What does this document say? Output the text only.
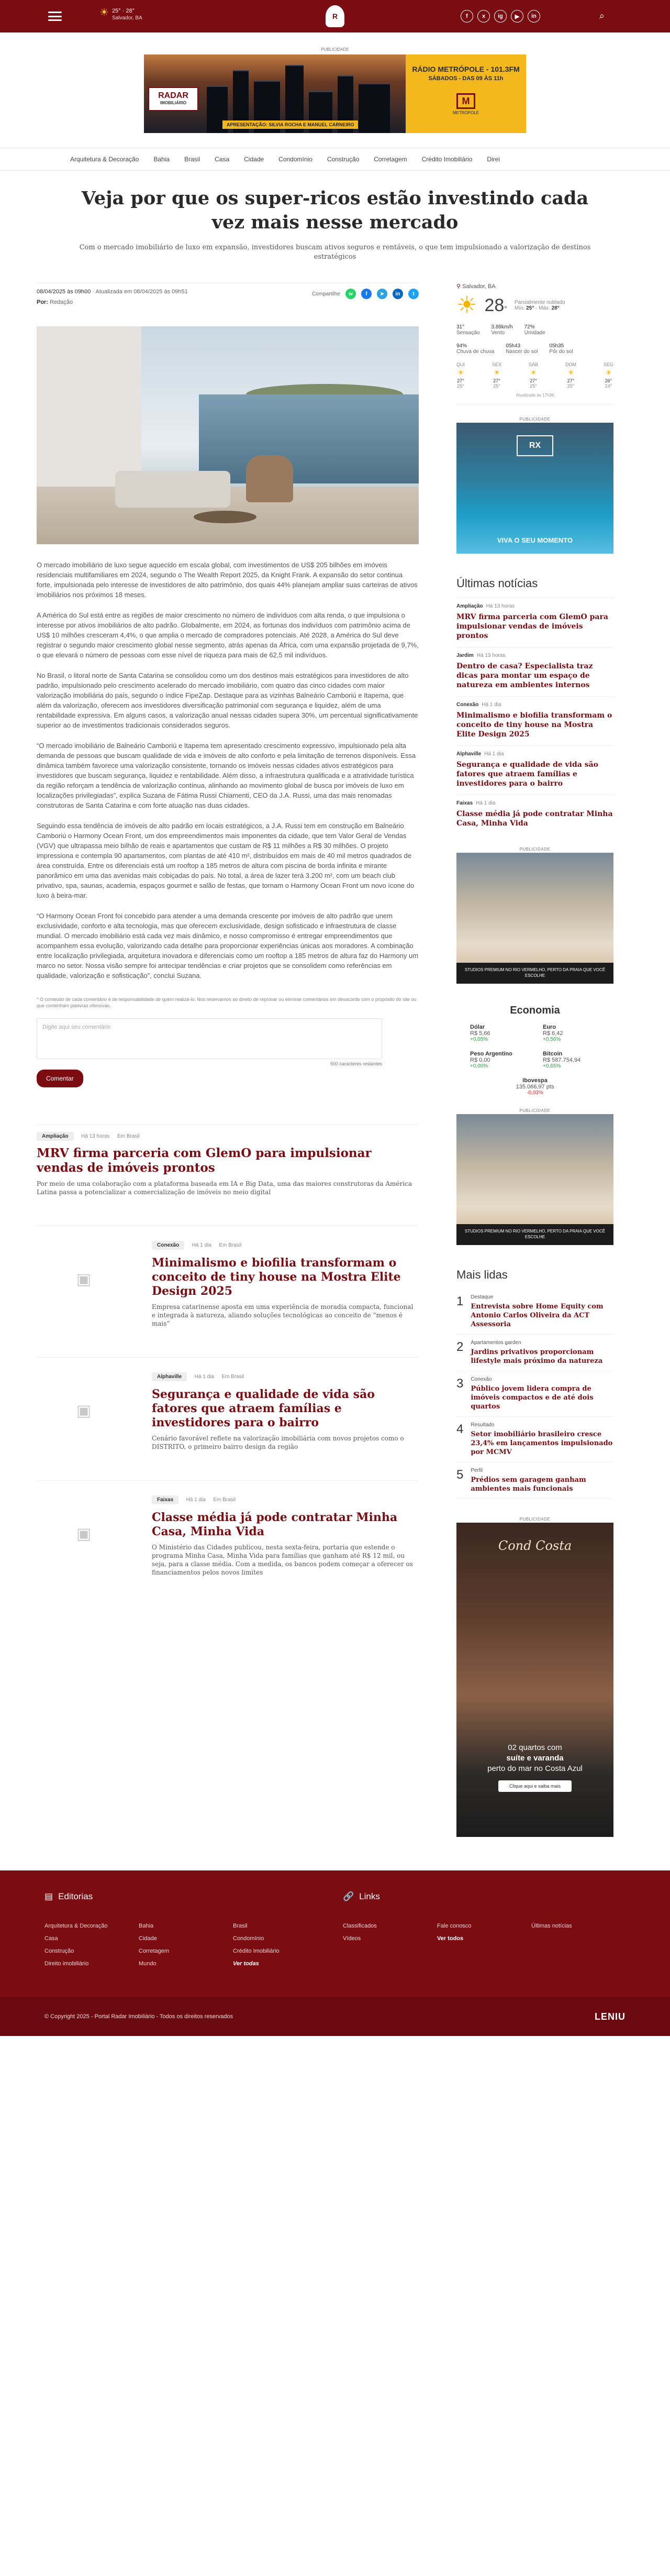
☀ 25° · 28°
Salvador, BA	R	f	x	ig	▶	in	⌕
PUBLICIDADE
RADAR
IMOBILIÁRIO
RÁDIO METRÓPOLE - 101.3FM
SÁBADOS - DAS 09 ÀS 11h
M
METRÓPOLE
APRESENTAÇÃO: SILVIA ROCHA E MANUEL CARNEIRO
Arquitetura & Decoração Bahia Brasil Casa Cidade Condomínio Construção Corretagem Crédito Imobiliário Direi
Veja por que os super-ricos estão investindo cada vez mais nesse mercado

Com o mercado imobiliário de luxo em expansão, investidores buscam ativos seguros e rentáveis, o que tem impulsionado a valorização de destinos estratégicos

08/04/2025 às 09h00 · Atualizada em 08/04/2025 às 09h51
Por: Redação
Compartilhe	w	f	➤	in	t

O mercado imobiliário de luxo segue aquecido em escala global, com investimentos de US$ 205 bilhões em imóveis residenciais multifamiliares em 2024, segundo o The Wealth Report 2025, da Knight Frank. A expansão do setor continua forte, impulsionada pelo interesse de investidores de alto patrimônio, dos quais 44% planejam ampliar suas carteiras de ativos imobiliários nos próximos 18 meses.

A América do Sul está entre as regiões de maior crescimento no número de indivíduos com alta renda, o que impulsiona o interesse por ativos imobiliários de alto padrão. Globalmente, em 2024, as fortunas dos indivíduos com patrimônio acima de US$ 10 milhões cresceram 4,4%, o que amplia o mercado de compradores potenciais. Até 2028, a América do Sul deve registrar o segundo maior crescimento global nesse segmento, atrás apenas da África, com uma expansão projetada de 9,7%, o que elevará o número de pessoas com esse nível de riqueza para mais de 62,5 mil indivíduos.

No Brasil, o litoral norte de Santa Catarina se consolidou como um dos destinos mais estratégicos para investidores de alto padrão, impulsionado pelo crescimento acelerado do mercado imobiliário, com quatro das cinco cidades com maior valorização imobiliária do país, segundo o índice FipeZap. Destaque para as vizinhas Balneário Camboriú e Itapema, que além da valorização, oferecem aos investidores diversificação patrimonial com segurança e liquidez, além de uma rentabilidade expressiva. Em alguns casos, a valorização anual nessas cidades supera 30%, um percentual significativamente superior ao de investimentos tradicionais considerados seguros.

“O mercado imobiliário de Balneário Camboriú e Itapema tem apresentado crescimento expressivo, impulsionado pela alta demanda de pessoas que buscam qualidade de vida e imóveis de alto conforto e pela limitação de terrenos disponíveis. Essa dinâmica também favorece uma valorização consistente, tornando os imóveis nessas cidades ativos estratégicos para investidores que buscam segurança, liquidez e rentabilidade. Além disso, a infraestrutura qualificada e a atratividade turística da região reforçam a tendência de valorização contínua, alinhando ao movimento global de busca por imóveis de luxo em localizações privilegiadas”, explica Suzana de Fátima Russi Chiamenti, CEO da J.A. Russi, uma das mais renomadas construtoras de Santa Catarina e com forte atuação nas duas cidades.

Seguindo essa tendência de imóveis de alto padrão em locais estratégicos, a J.A. Russi tem em construção em Balneário Camboriú o Harmony Ocean Front, um dos empreendimentos mais imponentes da cidade, que tem Valor Geral de Vendas (VGV) que ultrapassa meio bilhão de reais e apartamentos que custam de R$ 11 milhões a R$ 30 milhões. O projeto impressiona e contempla 90 apartamentos, com plantas de até 410 m², distribuídos em mais de 40 mil metros quadrados de área construída. Entre os diferenciais está um rooftop a 185 metros de altura com piscina de borda infinita e mirante panorâmico em uma das avenidas mais cobiçadas do país. No total, a área de lazer terá 3.200 m², com um beach club privativo, spa, saunas, academia, espaços gourmet e salão de festas, que tornam o Harmony Ocean Front um novo ícone do luxo à beira-mar.

“O Harmony Ocean Front foi concebido para atender a uma demanda crescente por imóveis de alto padrão que unem exclusividade, conforto e alta tecnologia, mas que oferecem exclusividade, design sofisticado e infraestrutura de classe mundial. O mercado imobiliário está cada vez mais dinâmico, e nosso compromisso é entregar empreendimentos que acompanhem essa evolução, valorizando cada detalhe para proporcionar experiências únicas aos moradores. A combinação entre localização privilegiada, arquitetura inovadora e diferenciais como um rooftop a 185 metros de altura faz do Harmony um marco no setor. Nossa visão sempre foi antecipar tendências e criar projetos que se consolidem como referências em qualidade, valorização e sofisticação”, conclui Suzana.

* O conteúdo de cada comentário é de responsabilidade de quem realizá-lo. Nos reservamos ao direito de reprovar ou eliminar comentários em desacordo com o propósito do site ou que contenham palavras ofensivas.
Digite aqui seu comentário
500 caracteres restantes
Comentar
Ampliação Há 13 horas Em Brasil
MRV firma parceria com GlemO para impulsionar vendas de imóveis prontos

Por meio de uma colaboração com a plataforma baseada em IA e Big Data, uma das maiores construtoras da América Latina passa a potencializar a comercialização de imóveis no meio digital

▣
Conexão Há 1 dia Em Brasil
Minimalismo e biofilia transformam o conceito de tiny house na Mostra Elite Design 2025

Empresa catarinense aposta em uma experiência de moradia compacta, funcional e integrada à natureza, aliando soluções tecnológicas ao conceito de “menos é mais”

▣
Alphaville Há 1 dia Em Brasil
Segurança e qualidade de vida são fatores que atraem famílias e investidores para o bairro

Cenário favorável reflete na valorização imobiliária com novos projetos como o DISTRITO, o primeiro bairro design da região

▣
Faixas Há 1 dia Em Brasil
Classe média já pode contratar Minha Casa, Minha Vida

O Ministério das Cidades publicou, nesta sexta-feira, portaria que estende o programa Minha Casa, Minha Vida para famílias que ganham até R$ 12 mil, ou seja, para a classe média. Com a medida, os bancos podem começar a oferecer os financiamentos pelos novos limites

⚲ Salvador, BA
☀ 28°
Parcialmente nublado
Mín. 25° · Máx. 28°
31°
Sensação
3.89km/h
Vento
72%
Umidade
94%
Chuva de chuva
05h43
Nascer do sol
05h35
Pôr do sol
QUI
☀
27°
25°
SEX
☀
27°
25°
SÁB
☀
27°
25°
DOM
☀
27°
25°
SEG
☀
26°
24°
Atualizado às 17h36
PUBLICIDADE
RX
VIVA O SEU MOMENTO
Últimas notícias
Ampliação Há 13 horas
MRV firma parceria com GlemO para impulsionar vendas de imóveis prontos
Jardim Há 13 horas
Dentro de casa? Especialista traz dicas para montar um espaço de natureza em ambientes internos
Conexão Há 1 dia
Minimalismo e biofilia transformam o conceito de tiny house na Mostra Elite Design 2025
Alphaville Há 1 dia
Segurança e qualidade de vida são fatores que atraem famílias e investidores para o bairro
Faixas Há 1 dia
Classe média já pode contratar Minha Casa, Minha Vida
PUBLICIDADE
STUDIOS PREMIUM NO RIO VERMELHO, PERTO DA PRAIA QUE VOCÊ ESCOLHE
Economia
Dólar
R$ 5,66
+0,05%
Euro
R$ 6,42
+0,56%
Peso Argentino
R$ 0,00
+0,00%
Bitcoin
R$ 587.754,94
+0,65%
Ibovespa
135.066,97 pts
-0,03%
PUBLICIDADE
STUDIOS PREMIUM NO RIO VERMELHO, PERTO DA PRAIA QUE VOCÊ ESCOLHE
Mais lidas
1 Destaque
Entrevista sobre Home Equity com Antonio Carlos Oliveira da ACT Assessoria
2 Apartamentos garden
Jardins privativos proporcionam lifestyle mais próximo da natureza
3 Conexão
Público jovem lidera compra de imóveis compactos e de até dois quartos
4 Resultado
Setor imobiliário brasileiro cresce 23,4% em lançamentos impulsionado por MCMV
5 Perfil
Prédios sem garagem ganham ambientes mais funcionais
PUBLICIDADE
Cond Costa
02 quartos com
suíte e varanda
perto do mar no Costa Azul
Clique aqui e saiba mais
▤ Editorias
Arquitetura & Decoração	Bahia	Brasil
Casa	Cidade	Condomínio
Construção	Corretagem	Crédito Imobiliário
Direito imobiliário	Mundo	Ver todas
🔗 Links
Classificados	Fale conosco	Últimas notícias
Vídeos	Ver todos
© Copyright 2025 - Portal Radar Imobiliário - Todos os direitos reservados	LENIU
